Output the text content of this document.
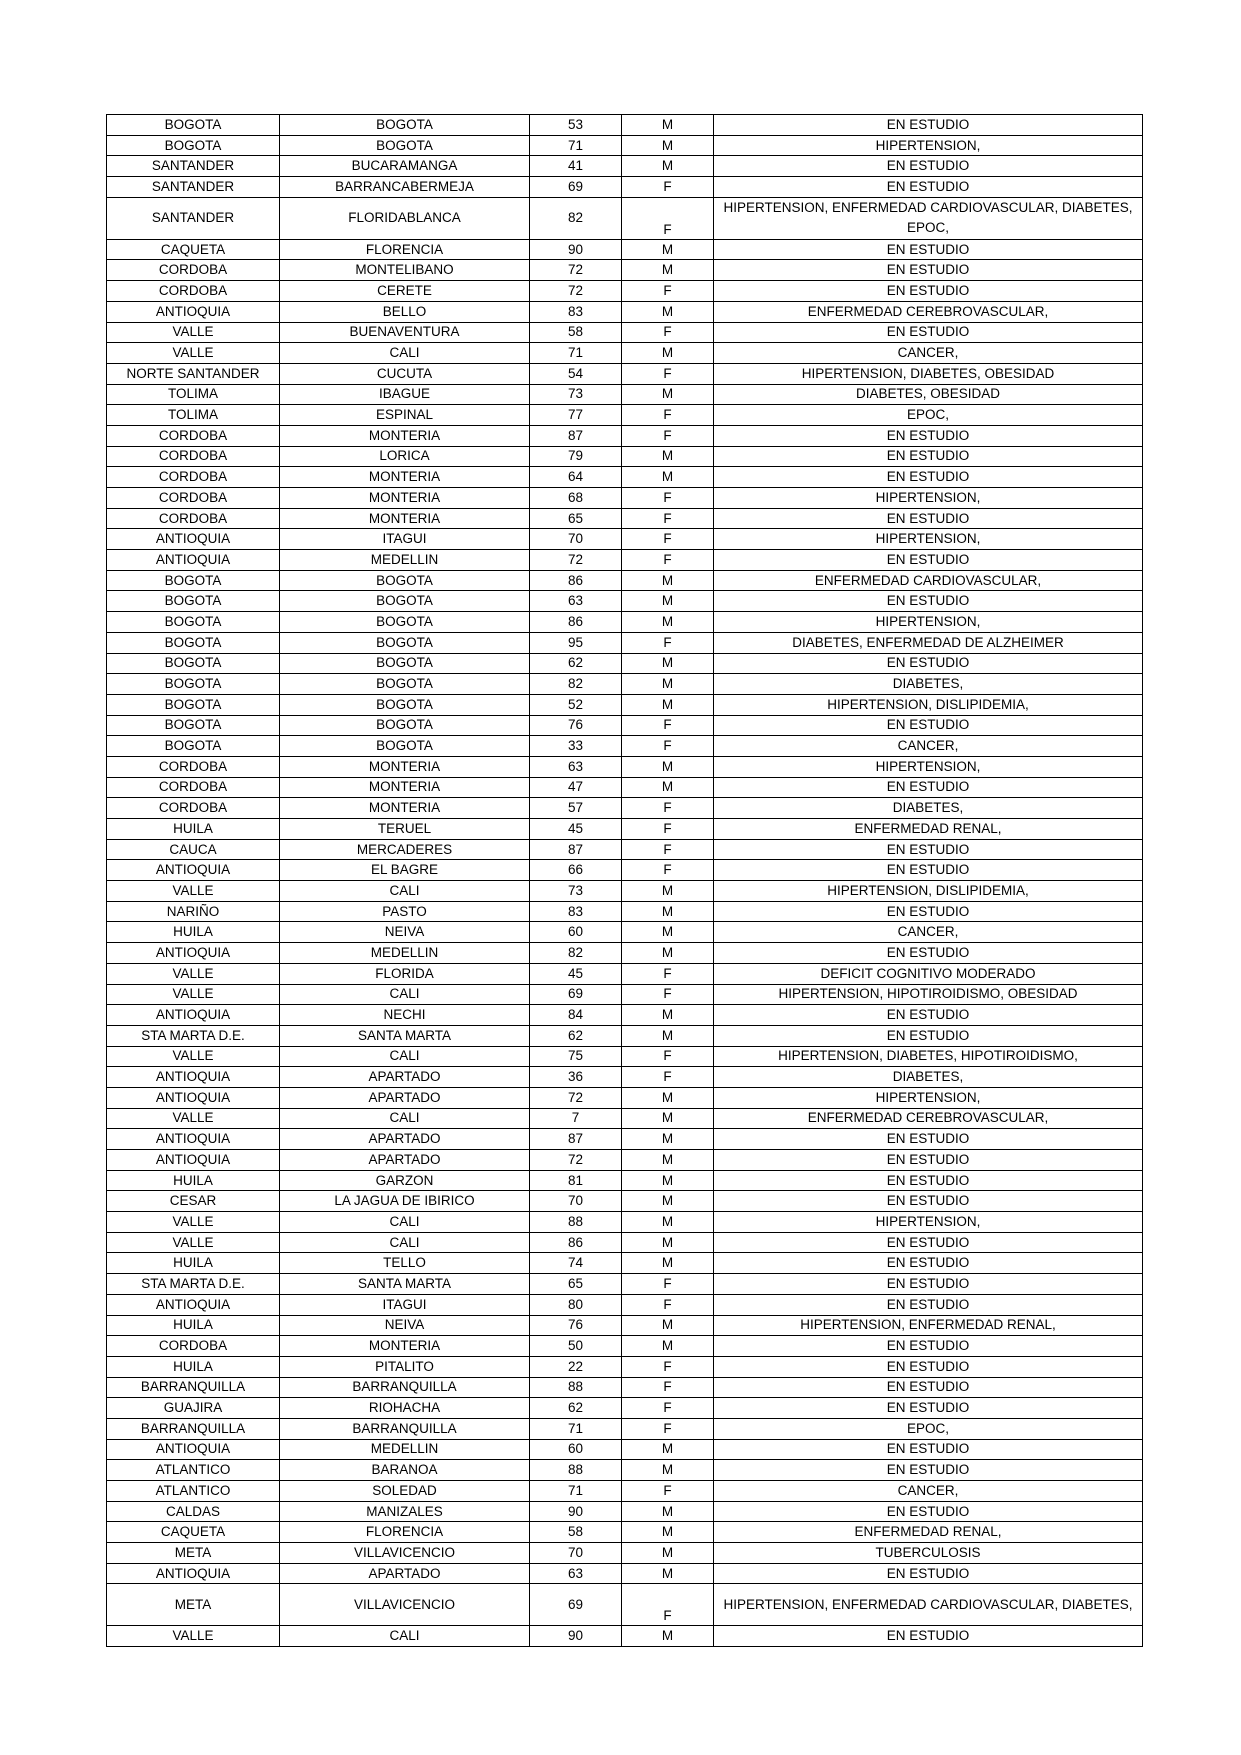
BOGOTA	BOGOTA	53	M	EN ESTUDIO
BOGOTA	BOGOTA	71	M	HIPERTENSION,
SANTANDER	BUCARAMANGA	41	M	EN ESTUDIO
SANTANDER	BARRANCABERMEJA	69	F	EN ESTUDIO
SANTANDER	FLORIDABLANCA	82	F	HIPERTENSION, ENFERMEDAD CARDIOVASCULAR, DIABETES, EPOC,
CAQUETA	FLORENCIA	90	M	EN ESTUDIO
CORDOBA	MONTELIBANO	72	M	EN ESTUDIO
CORDOBA	CERETE	72	F	EN ESTUDIO
ANTIOQUIA	BELLO	83	M	ENFERMEDAD CEREBROVASCULAR,
VALLE	BUENAVENTURA	58	F	EN ESTUDIO
VALLE	CALI	71	M	CANCER,
NORTE SANTANDER	CUCUTA	54	F	HIPERTENSION, DIABETES, OBESIDAD
TOLIMA	IBAGUE	73	M	DIABETES, OBESIDAD
TOLIMA	ESPINAL	77	F	EPOC,
CORDOBA	MONTERIA	87	F	EN ESTUDIO
CORDOBA	LORICA	79	M	EN ESTUDIO
CORDOBA	MONTERIA	64	M	EN ESTUDIO
CORDOBA	MONTERIA	68	F	HIPERTENSION,
CORDOBA	MONTERIA	65	F	EN ESTUDIO
ANTIOQUIA	ITAGUI	70	F	HIPERTENSION,
ANTIOQUIA	MEDELLIN	72	F	EN ESTUDIO
BOGOTA	BOGOTA	86	M	ENFERMEDAD CARDIOVASCULAR,
BOGOTA	BOGOTA	63	M	EN ESTUDIO
BOGOTA	BOGOTA	86	M	HIPERTENSION,
BOGOTA	BOGOTA	95	F	DIABETES, ENFERMEDAD DE ALZHEIMER
BOGOTA	BOGOTA	62	M	EN ESTUDIO
BOGOTA	BOGOTA	82	M	DIABETES,
BOGOTA	BOGOTA	52	M	HIPERTENSION, DISLIPIDEMIA,
BOGOTA	BOGOTA	76	F	EN ESTUDIO
BOGOTA	BOGOTA	33	F	CANCER,
CORDOBA	MONTERIA	63	M	HIPERTENSION,
CORDOBA	MONTERIA	47	M	EN ESTUDIO
CORDOBA	MONTERIA	57	F	DIABETES,
HUILA	TERUEL	45	F	ENFERMEDAD RENAL,
CAUCA	MERCADERES	87	F	EN ESTUDIO
ANTIOQUIA	EL BAGRE	66	F	EN ESTUDIO
VALLE	CALI	73	M	HIPERTENSION, DISLIPIDEMIA,
NARIÑO	PASTO	83	M	EN ESTUDIO
HUILA	NEIVA	60	M	CANCER,
ANTIOQUIA	MEDELLIN	82	M	EN ESTUDIO
VALLE	FLORIDA	45	F	DEFICIT COGNITIVO MODERADO
VALLE	CALI	69	F	HIPERTENSION, HIPOTIROIDISMO, OBESIDAD
ANTIOQUIA	NECHI	84	M	EN ESTUDIO
STA MARTA D.E.	SANTA MARTA	62	M	EN ESTUDIO
VALLE	CALI	75	F	HIPERTENSION, DIABETES, HIPOTIROIDISMO,
ANTIOQUIA	APARTADO	36	F	DIABETES,
ANTIOQUIA	APARTADO	72	M	HIPERTENSION,
VALLE	CALI	7	M	ENFERMEDAD CEREBROVASCULAR,
ANTIOQUIA	APARTADO	87	M	EN ESTUDIO
ANTIOQUIA	APARTADO	72	M	EN ESTUDIO
HUILA	GARZON	81	M	EN ESTUDIO
CESAR	LA JAGUA DE IBIRICO	70	M	EN ESTUDIO
VALLE	CALI	88	M	HIPERTENSION,
VALLE	CALI	86	M	EN ESTUDIO
HUILA	TELLO	74	M	EN ESTUDIO
STA MARTA D.E.	SANTA MARTA	65	F	EN ESTUDIO
ANTIOQUIA	ITAGUI	80	F	EN ESTUDIO
HUILA	NEIVA	76	M	HIPERTENSION, ENFERMEDAD RENAL,
CORDOBA	MONTERIA	50	M	EN ESTUDIO
HUILA	PITALITO	22	F	EN ESTUDIO
BARRANQUILLA	BARRANQUILLA	88	F	EN ESTUDIO
GUAJIRA	RIOHACHA	62	F	EN ESTUDIO
BARRANQUILLA	BARRANQUILLA	71	F	EPOC,
ANTIOQUIA	MEDELLIN	60	M	EN ESTUDIO
ATLANTICO	BARANOA	88	M	EN ESTUDIO
ATLANTICO	SOLEDAD	71	F	CANCER,
CALDAS	MANIZALES	90	M	EN ESTUDIO
CAQUETA	FLORENCIA	58	M	ENFERMEDAD RENAL,
META	VILLAVICENCIO	70	M	TUBERCULOSIS
ANTIOQUIA	APARTADO	63	M	EN ESTUDIO
META	VILLAVICENCIO	69	F	HIPERTENSION, ENFERMEDAD CARDIOVASCULAR, DIABETES,
VALLE	CALI	90	M	EN ESTUDIO
